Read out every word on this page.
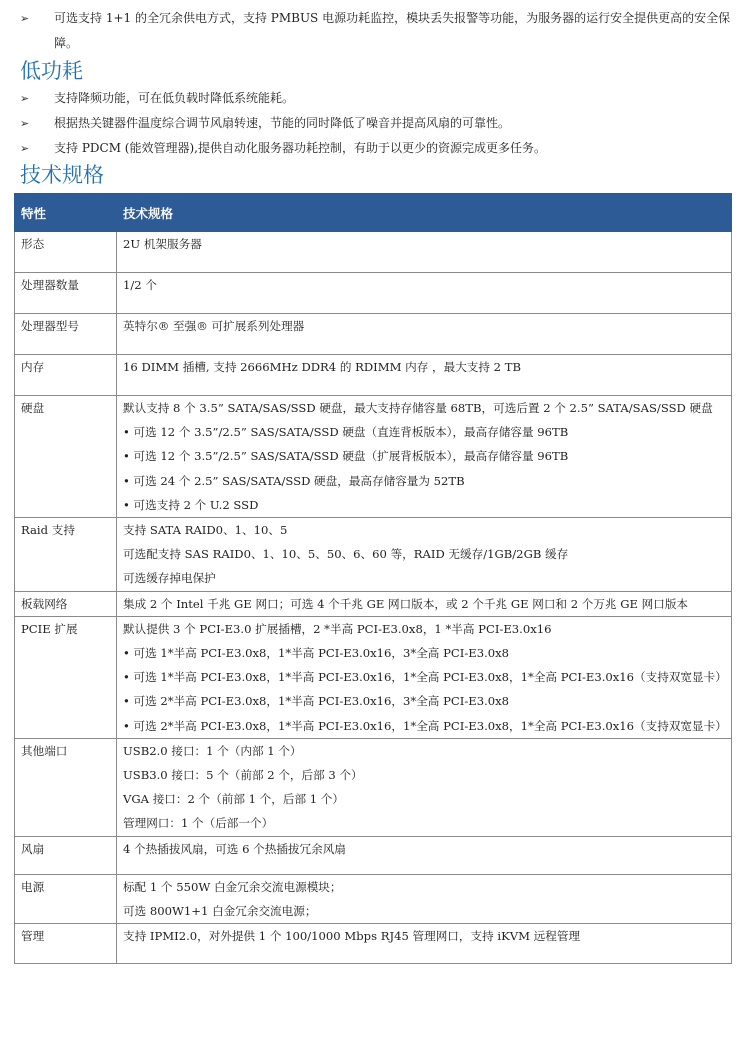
➢	可选支持 1+1 的全冗余供电方式，支持 PMBUS 电源功耗监控，模块丢失报警等功能，为服务器的运行安全提供更高的安全保障。
低功耗
➢	支持降频功能，可在低负载时降低系统能耗。
➢	根据热关键器件温度综合调节风扇转速，节能的同时降低了噪音并提高风扇的可靠性。
➢	支持 PDCM (能效管理器),提供自动化服务器功耗控制，有助于以更少的资源完成更多任务。
技术规格
特性	技术规格
形态	2U 机架服务器

处理器数量	1/2 个

处理器型号	英特尔® 至强® 可扩展系列处理器

内存	16 DIMM 插槽, 支持 2666MHz DDR4 的 RDIMM 内存 ，最大支持 2 TB

硬盘	默认支持 8 个 3.5” SATA/SAS/SSD 硬盘，最大支持存储容量 68TB，可选后置 2 个 2.5” SATA/SAS/SSD 硬盘
• 可选 12 个 3.5”/2.5” SAS/SATA/SSD 硬盘（直连背板版本），最高存储容量 96TB
• 可选 12 个 3.5”/2.5” SAS/SATA/SSD 硬盘（扩展背板版本），最高存储容量 96TB
• 可选 24 个 2.5” SAS/SATA/SSD 硬盘，最高存储容量为 52TB
• 可选支持 2 个 U.2 SSD

Raid 支持	支持 SATA RAID0、1、10、5
可选配支持 SAS RAID0、1、10、5、50、6、60 等，RAID 无缓存/1GB/2GB 缓存
可选缓存掉电保护

板载网络	集成 2 个 Intel 千兆 GE 网口；可选 4 个千兆 GE 网口版本，或 2 个千兆 GE 网口和 2 个万兆 GE 网口版本

PCIE 扩展	默认提供 3 个 PCI-E3.0 扩展插槽，2 *半高 PCI-E3.0x8，1 *半高 PCI-E3.0x16
• 可选 1*半高 PCI-E3.0x8，1*半高 PCI-E3.0x16，3*全高 PCI-E3.0x8
• 可选 1*半高 PCI-E3.0x8，1*半高 PCI-E3.0x16，1*全高 PCI-E3.0x8，1*全高 PCI-E3.0x16（支持双宽显卡）
• 可选 2*半高 PCI-E3.0x8，1*半高 PCI-E3.0x16，3*全高 PCI-E3.0x8
• 可选 2*半高 PCI-E3.0x8，1*半高 PCI-E3.0x16，1*全高 PCI-E3.0x8，1*全高 PCI-E3.0x16（支持双宽显卡）

其他端口	USB2.0 接口：1 个（内部 1 个）
USB3.0 接口：5 个（前部 2 个，后部 3 个）
VGA 接口：2 个（前部 1 个，后部 1 个）
管理网口：1 个（后部一个）

风扇	4 个热插拔风扇，可选 6 个热插拔冗余风扇

电源	标配 1 个 550W 白金冗余交流电源模块；
可选 800W1+1 白金冗余交流电源；

管理	支持 IPMI2.0，对外提供 1 个 100/1000 Mbps RJ45 管理网口，支持 iKVM 远程管理
